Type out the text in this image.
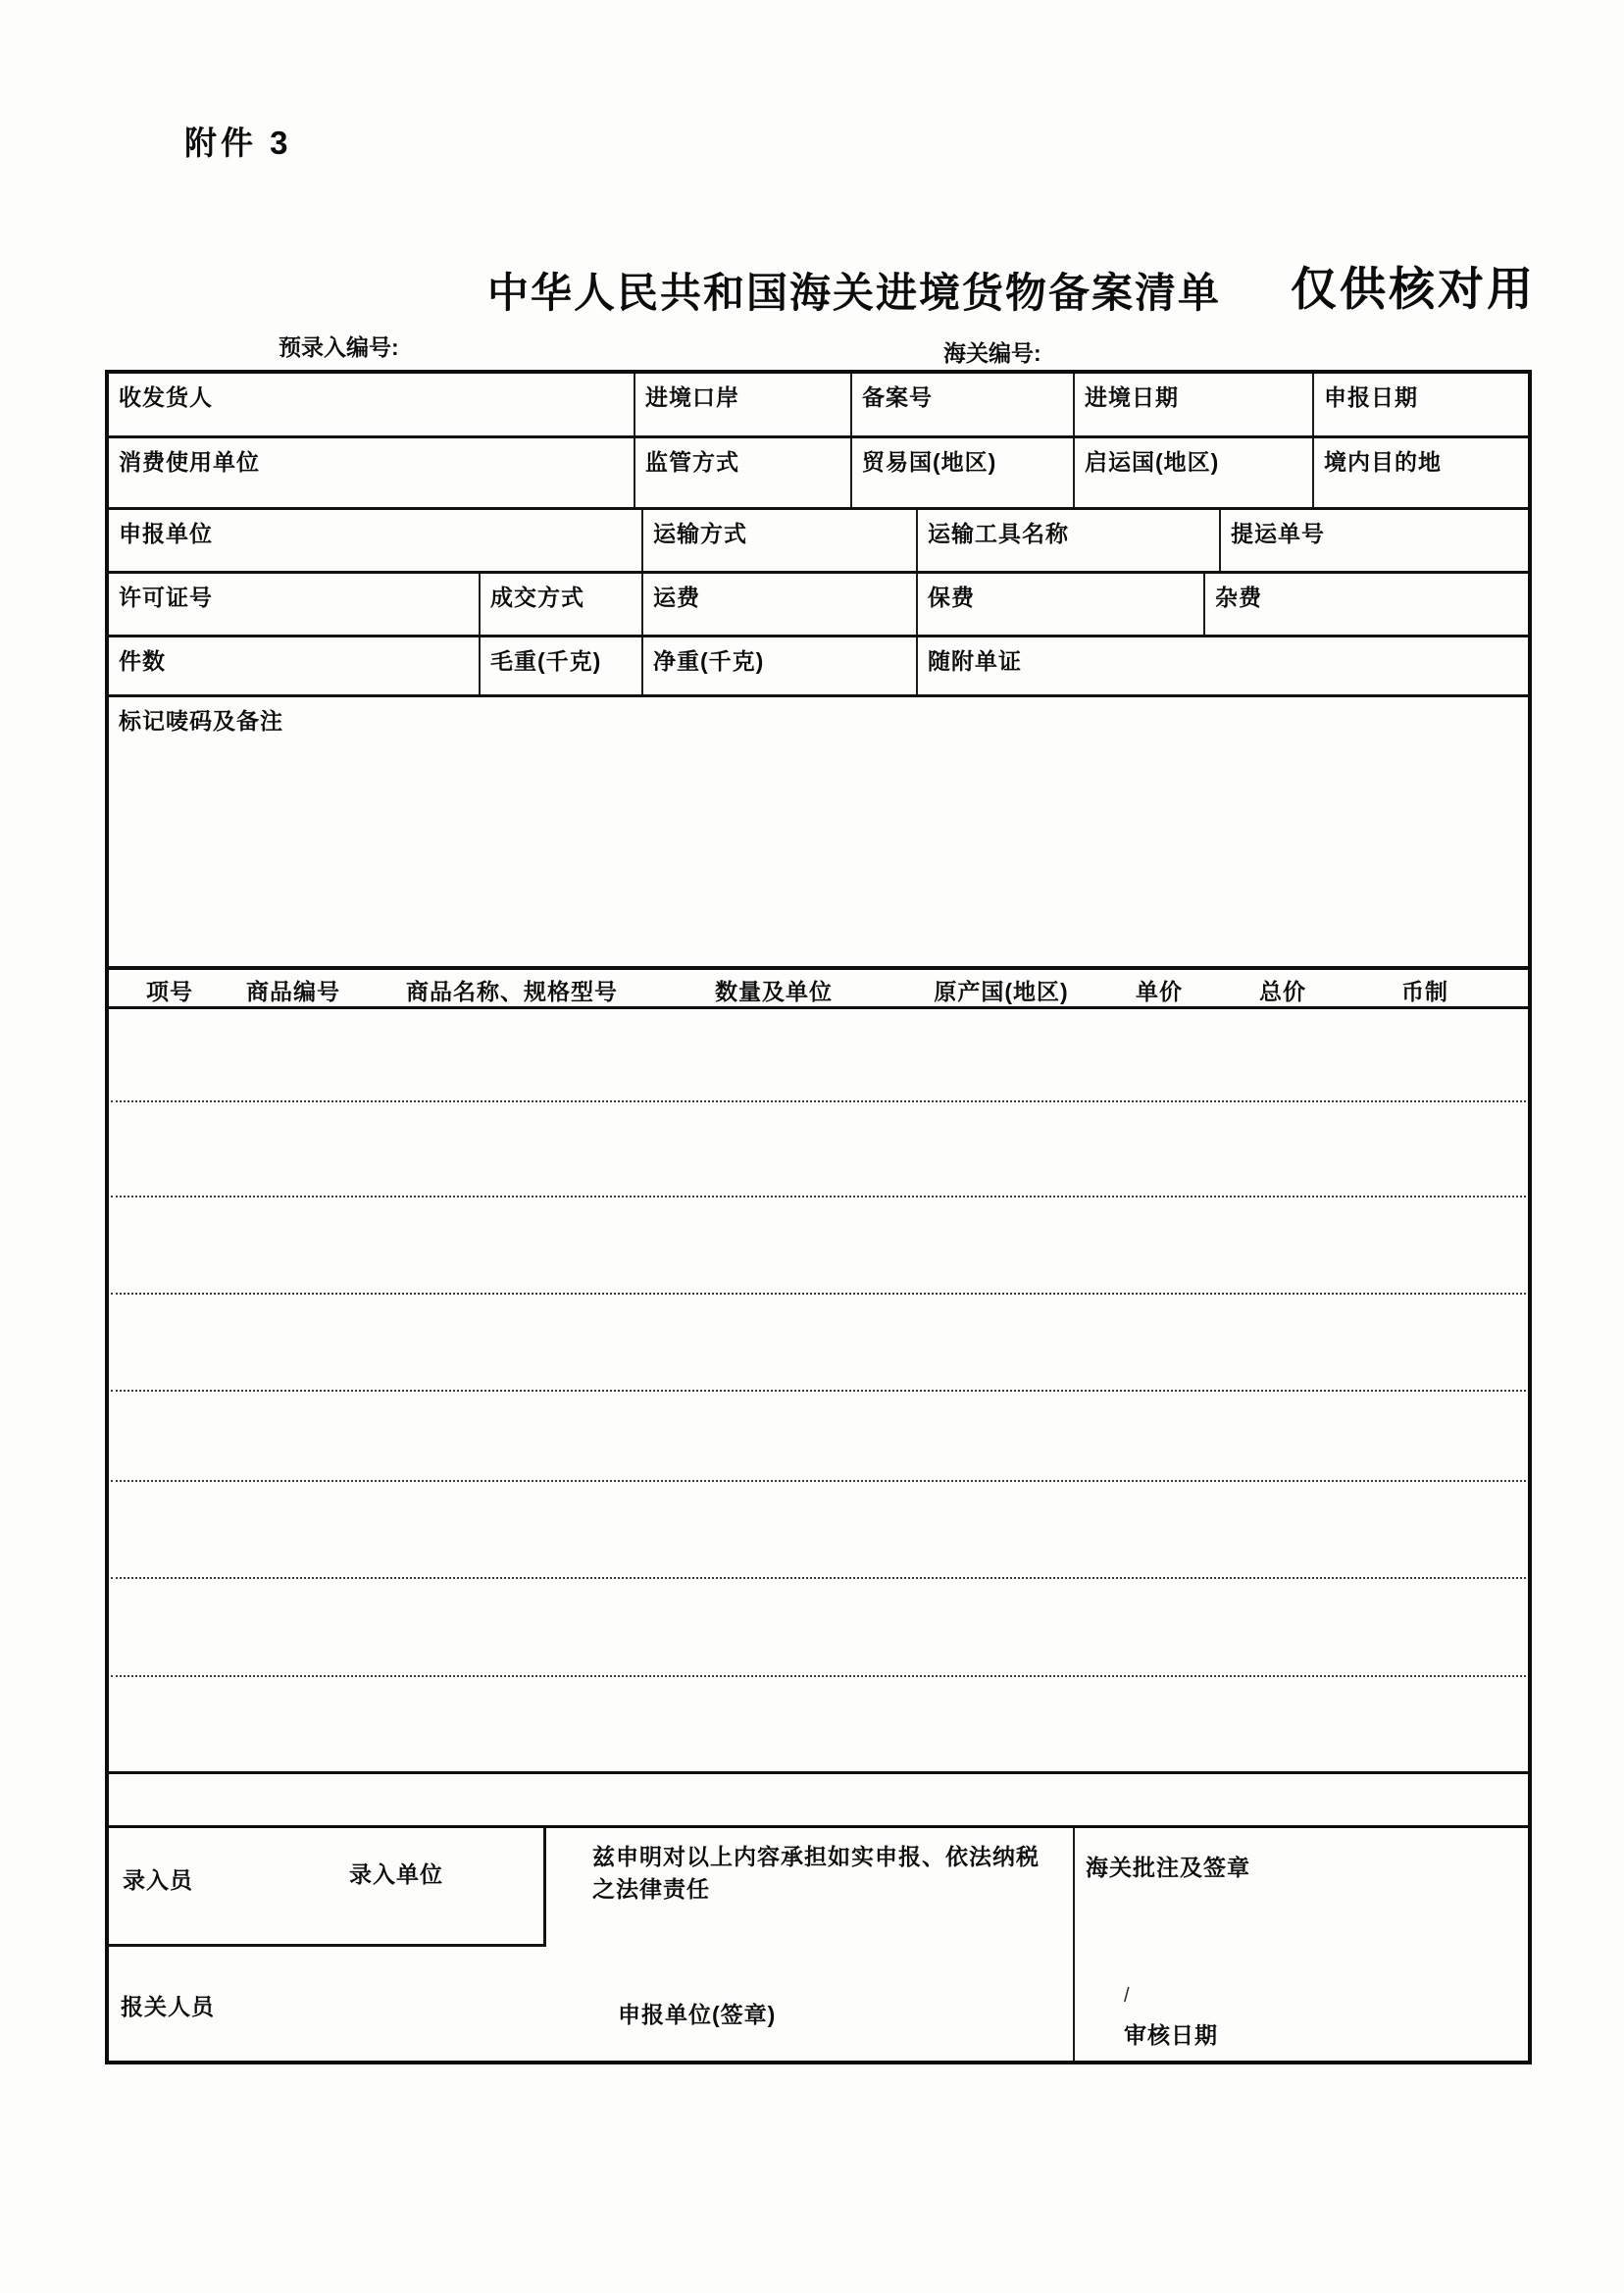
附件 3
中华人民共和国海关进境货物备案清单 仅供核对用
预录入编号:	海关编号:
收发货人	进境口岸	备案号	进境日期	申报日期
消费使用单位	监管方式	贸易国(地区)	启运国(地区)	境内目的地
申报单位	运输方式	运输工具名称	提运单号
许可证号	成交方式	运费	保费	杂费
件数	毛重(千克)	净重(千克)	随附单证
标记唛码及备注
项号 商品编号	商品名称、规格型号	数量及单位	原产国(地区)	单价	总价	币制
录入员	录入单位
报关人员
兹申明对以上内容承担如实申报、依法纳税之法律责任
申报单位(签章)
海关批注及签章
/
审核日期
